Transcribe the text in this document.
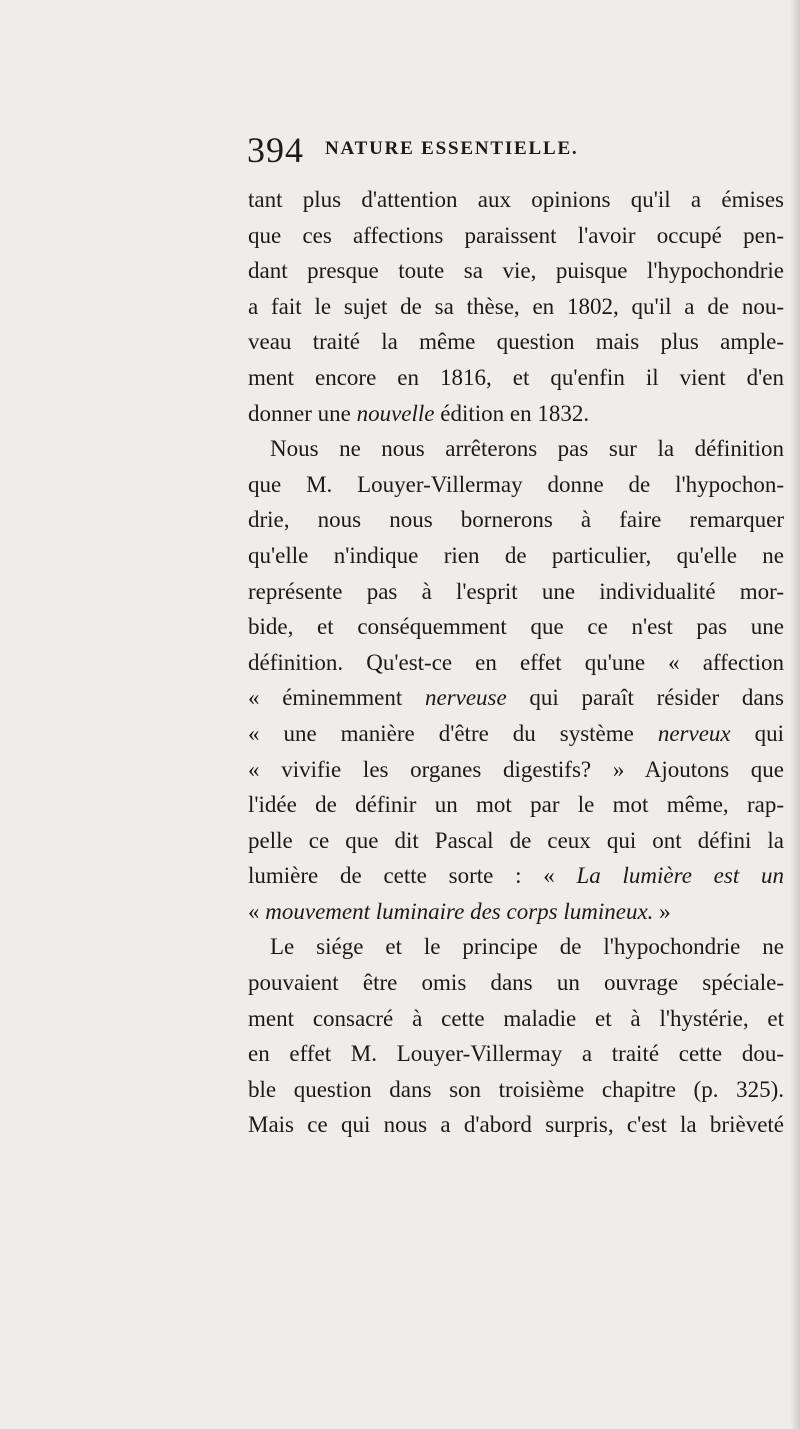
394 NATURE ESSENTIELLE.
tant plus d'attention aux opinions qu'il a émises
que ces affections paraissent l'avoir occupé pen-
dant presque toute sa vie, puisque l'hypochondrie
a fait le sujet de sa thèse, en 1802, qu'il a de nou-
veau traité la même question mais plus ample-
ment encore en 1816, et qu'enfin il vient d'en
donner une nouvelle édition en 1832.
Nous ne nous arrêterons pas sur la définition
que M. Louyer-Villermay donne de l'hypochon-
drie, nous nous bornerons à faire remarquer
qu'elle n'indique rien de particulier, qu'elle ne
représente pas à l'esprit une individualité mor-
bide, et conséquemment que ce n'est pas une
définition. Qu'est-ce en effet qu'une « affection
« éminemment nerveuse qui paraît résider dans
« une manière d'être du système nerveux qui
« vivifie les organes digestifs? » Ajoutons que
l'idée de définir un mot par le mot même, rap-
pelle ce que dit Pascal de ceux qui ont défini la
lumière de cette sorte : « La lumière est un
« mouvement luminaire des corps lumineux. »
Le siége et le principe de l'hypochondrie ne
pouvaient être omis dans un ouvrage spéciale-
ment consacré à cette maladie et à l'hystérie, et
en effet M. Louyer-Villermay a traité cette dou-
ble question dans son troisième chapitre (p. 325).
Mais ce qui nous a d'abord surpris, c'est la brièveté
